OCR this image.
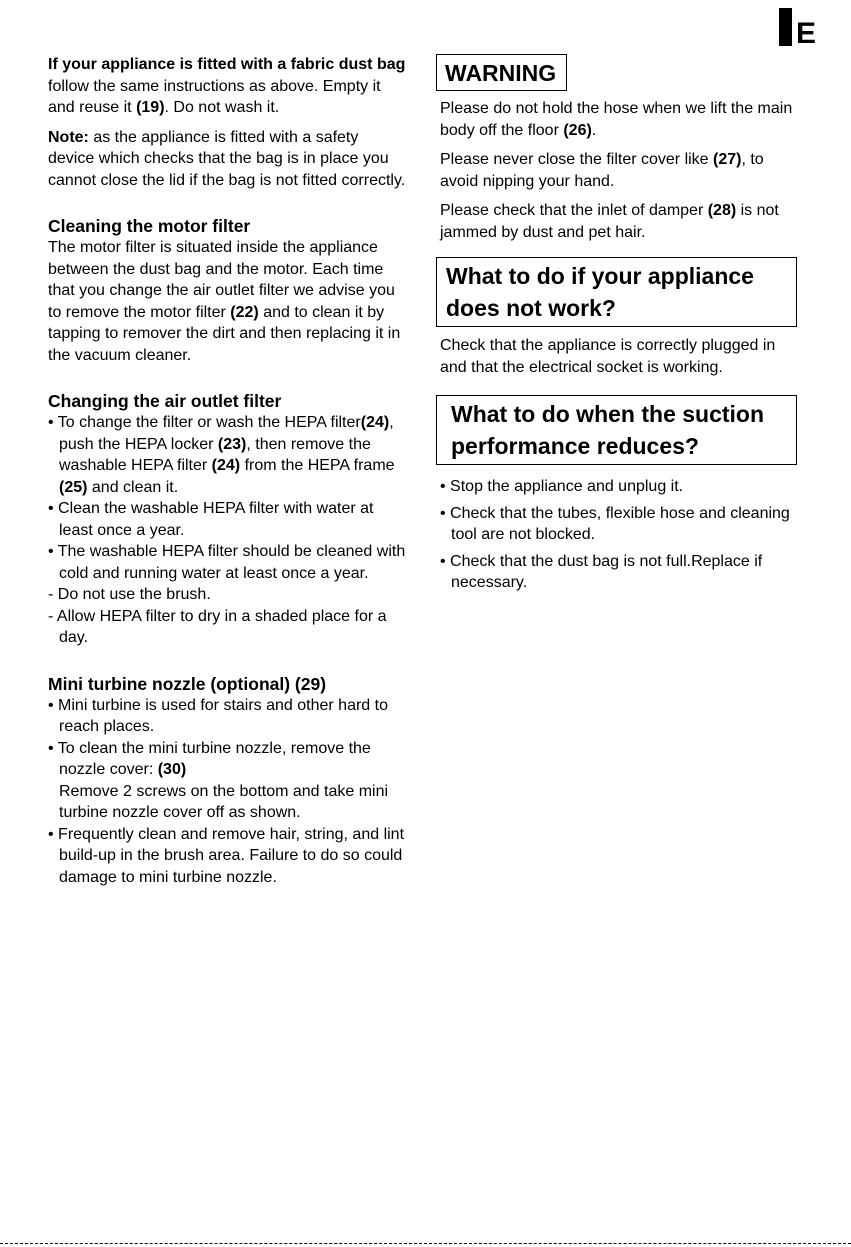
E

If your appliance is fitted with a fabric dust bag follow the same instructions as above. Empty it and reuse it (19). Do not wash it.

Note: as the appliance is fitted with a safety device which checks that the bag is in place you cannot close the lid if the bag is not fitted correctly.

Cleaning the motor filter

The motor filter is situated inside the appliance between the dust bag and the motor. Each time that you change the air outlet filter we advise you to remove the motor filter (22) and to clean it by tapping to remover the dirt and then replacing it in the vacuum cleaner.

Changing the air outlet filter
• To change the filter or wash the HEPA filter(24), push the HEPA locker (23), then remove the washable HEPA filter (24) from the HEPA frame (25) and clean it.
• Clean the washable HEPA filter with water at least once a year.
• The washable HEPA filter should be cleaned with cold and running water at least once a year.
- Do not use the brush.
- Allow HEPA filter to dry in a shaded place for a day.
Mini turbine nozzle (optional) (29)
• Mini turbine is used for stairs and other hard to reach places.
• To clean the mini turbine nozzle, remove the nozzle cover: (30)
Remove 2 screws on the bottom and take mini turbine nozzle cover off as shown.
• Frequently clean and remove hair, string, and lint build-up in the brush area. Failure to do so could damage to mini turbine nozzle.
WARNING

Please do not hold the hose when we lift the main body off the floor (26).

Please never close the filter cover like (27), to avoid nipping your hand.

Please check that the inlet of damper (28) is not jammed by dust and pet hair.

What to do if your appliance does not work?

Check that the appliance is correctly plugged in and that the electrical socket is working.

What to do when the suction performance reduces?
• Stop the appliance and unplug it.
• Check that the tubes, flexible hose and cleaning tool are not blocked.
• Check that the dust bag is not full.Replace if necessary.
